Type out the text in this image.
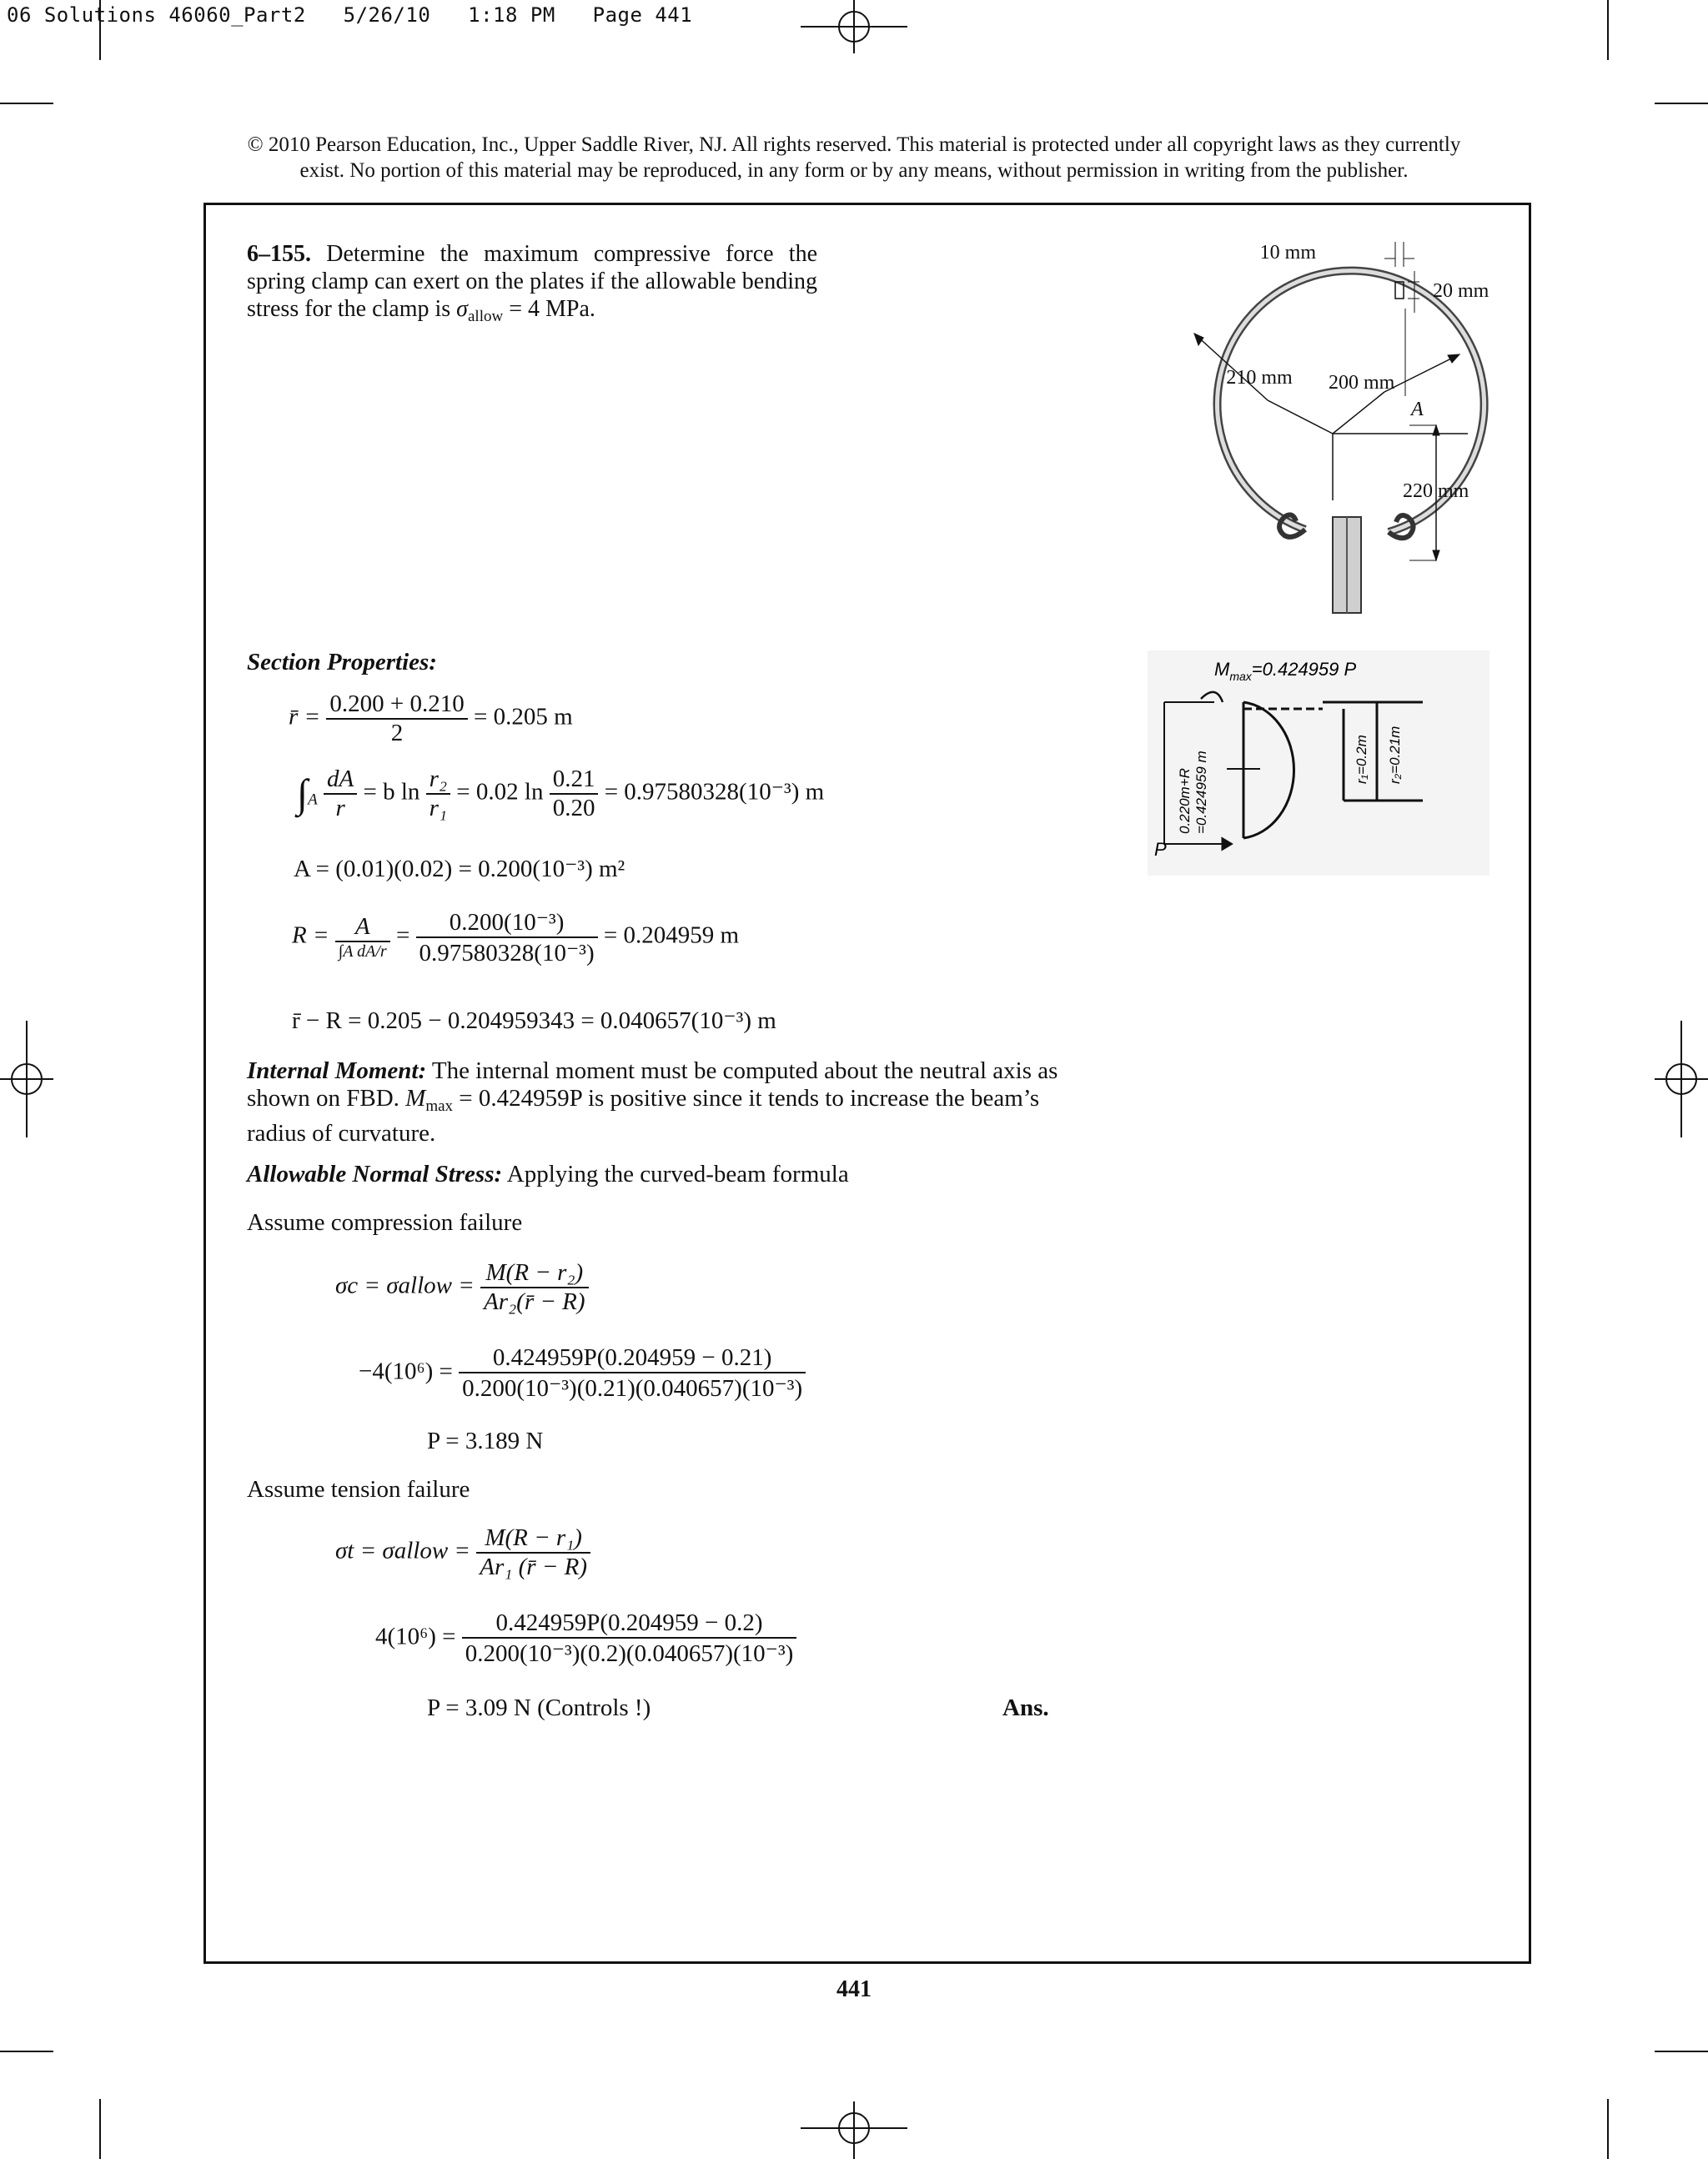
06 Solutions 46060_Part2   5/26/10   1:18 PM   Page 441
© 2010 Pearson Education, Inc., Upper Saddle River, NJ. All rights reserved. This material is protected under all copyright laws as they currently
exist. No portion of this material may be reproduced, in any form or by any means, without permission in writing from the publisher.
6–155. Determine the maximum compressive force the spring clamp can exert on the plates if the allowable bending stress for the clamp is $\sigma_{allow} = 4$ MPa.
10 mm
20 mm
210 mm 200 mm
A
220 mm
$M_{max}=0.424959$ P
P
0.220m+R =0.424959 m	r₁=0.2m r₂=0.21m
Section Properties:
r̄ = $\frac{0.200 + 0.210}{2} = 0.205$ m
$\int_A \frac{dA}{r} = b$ $\ln \frac{\text{r₂}}{\text{r₁}} = 0.02$ $\ln \frac{0.21}{0.20} = 0.97580328(10^{-3})$ m
A = (0.01)(0.02) = 0.200(10⁻³) m²
$R = \frac{A}{\text{∫A dA/r}} = \frac{\text{0.200(10⁻³)}}{\text{0.97580328(10⁻³)}} = 0.204959$ m
r̄ − R = 0.205 − 0.204959343 = 0.040657(10⁻³) m
Internal Moment: The internal moment must be computed about the neutral axis as shown on FBD. $M_{max} = 0.424959P$ is positive since it tends to increase the beam’s radius of curvature.
Allowable Normal Stress: Applying the curved-beam formula
Assume compression failure
σc = σallow = $\frac{\text{M(R − r₂)}}{\text{Ar₂(r̄ − R)}}$
$-4(10^6) = \frac{0.424959P(0.204959 - 0.21)}{\text{0.200(10⁻³)(0.21)(0.040657)(10⁻³)}}$
P = 3.189 N
Assume tension failure
σt = σallow = $\frac{\text{M(R − r₁)}}{\text{Ar₁ (r̄ − R)}}$
$4(10^6) = \frac{0.424959P(0.204959 - 0.2)}{\text{0.200(10⁻³)(0.2)(0.040657)(10⁻³)}}$
P = 3.09 N (Controls !)	Ans.
441
